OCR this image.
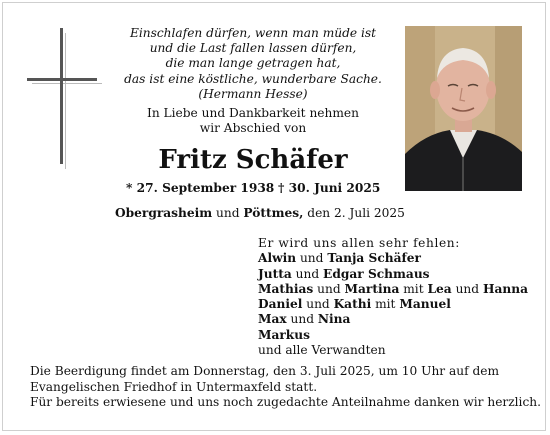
Einschlafen dürfen, wenn man müde ist
und die Last fallen lassen dürfen,
die man lange getragen hat,
das ist eine köstliche, wunderbare Sache.
(Hermann Hesse)
In Liebe und Dankbarkeit nehmen
wir Abschied von
Fritz Schäfer
* 27. September 1938 † 30. Juni 2025
Obergrasheim und Pöttmes, den 2. Juli 2025
Er wird uns allen sehr fehlen:
Alwin und Tanja Schäfer
Jutta und Edgar Schmaus
Mathias und Martina mit Lea und Hanna
Daniel und Kathi mit Manuel
Max und Nina
Markus
und alle Verwandten
Die Beerdigung findet am Donnerstag, den 3. Juli 2025, um 10 Uhr auf dem
Evangelischen Friedhof in Untermaxfeld statt.
Für bereits erwiesene und uns noch zugedachte Anteilnahme danken wir herzlich.
